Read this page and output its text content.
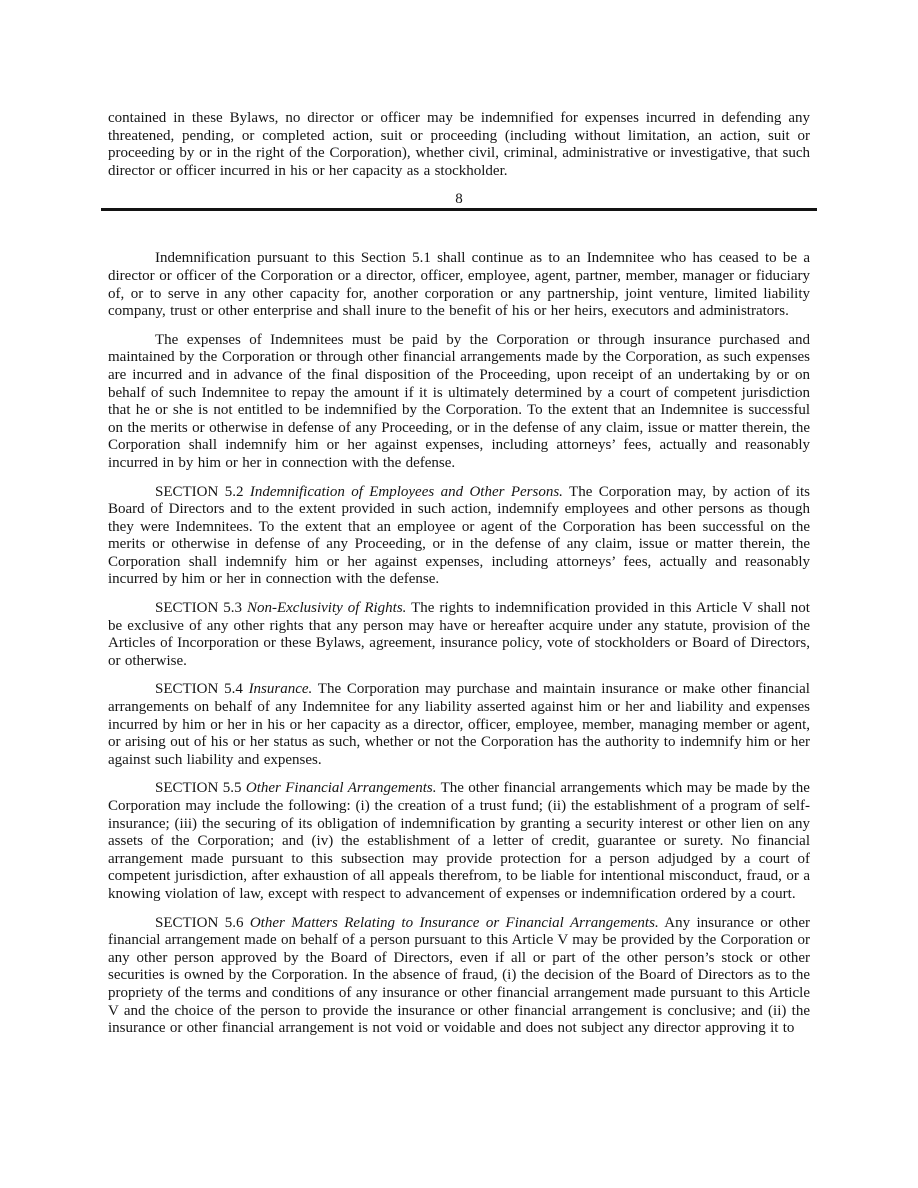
contained in these Bylaws, no director or officer may be indemnified for expenses incurred in defending any threatened, pending, or completed action, suit or proceeding (including without limitation, an action, suit or proceeding by or in the right of the Corporation), whether civil, criminal, administrative or investigative, that such director or officer incurred in his or her capacity as a stockholder.

8

Indemnification pursuant to this Section 5.1 shall continue as to an Indemnitee who has ceased to be a director or officer of the Corporation or a director, officer, employee, agent, partner, member, manager or fiduciary of, or to serve in any other capacity for, another corporation or any partnership, joint venture, limited liability company, trust or other enterprise and shall inure to the benefit of his or her heirs, executors and administrators.

The expenses of Indemnitees must be paid by the Corporation or through insurance purchased and maintained by the Corporation or through other financial arrangements made by the Corporation, as such expenses are incurred and in advance of the final disposition of the Proceeding, upon receipt of an undertaking by or on behalf of such Indemnitee to repay the amount if it is ultimately determined by a court of competent jurisdiction that he or she is not entitled to be indemnified by the Corporation. To the extent that an Indemnitee is successful on the merits or otherwise in defense of any Proceeding, or in the defense of any claim, issue or matter therein, the Corporation shall indemnify him or her against expenses, including attorneys’ fees, actually and reasonably incurred in by him or her in connection with the defense.

SECTION 5.2 Indemnification of Employees and Other Persons. The Corporation may, by action of its Board of Directors and to the extent provided in such action, indemnify employees and other persons as though they were Indemnitees. To the extent that an employee or agent of the Corporation has been successful on the merits or otherwise in defense of any Proceeding, or in the defense of any claim, issue or matter therein, the Corporation shall indemnify him or her against expenses, including attorneys’ fees, actually and reasonably incurred by him or her in connection with the defense.

SECTION 5.3 Non-Exclusivity of Rights. The rights to indemnification provided in this Article V shall not be exclusive of any other rights that any person may have or hereafter acquire under any statute, provision of the Articles of Incorporation or these Bylaws, agreement, insurance policy, vote of stockholders or Board of Directors, or otherwise.

SECTION 5.4 Insurance. The Corporation may purchase and maintain insurance or make other financial arrangements on behalf of any Indemnitee for any liability asserted against him or her and liability and expenses incurred by him or her in his or her capacity as a director, officer, employee, member, managing member or agent, or arising out of his or her status as such, whether or not the Corporation has the authority to indemnify him or her against such liability and expenses.

SECTION 5.5 Other Financial Arrangements. The other financial arrangements which may be made by the Corporation may include the following: (i) the creation of a trust fund; (ii) the establishment of a program of self-insurance; (iii) the securing of its obligation of indemnification by granting a security interest or other lien on any assets of the Corporation; and (iv) the establishment of a letter of credit, guarantee or surety. No financial arrangement made pursuant to this subsection may provide protection for a person adjudged by a court of competent jurisdiction, after exhaustion of all appeals therefrom, to be liable for intentional misconduct, fraud, or a knowing violation of law, except with respect to advancement of expenses or indemnification ordered by a court.

SECTION 5.6 Other Matters Relating to Insurance or Financial Arrangements. Any insurance or other financial arrangement made on behalf of a person pursuant to this Article V may be provided by the Corporation or any other person approved by the Board of Directors, even if all or part of the other person’s stock or other securities is owned by the Corporation. In the absence of fraud, (i) the decision of the Board of Directors as to the propriety of the terms and conditions of any insurance or other financial arrangement made pursuant to this Article V and the choice of the person to provide the insurance or other financial arrangement is conclusive; and (ii) the insurance or other financial arrangement is not void or voidable and does not subject any director approving it to
